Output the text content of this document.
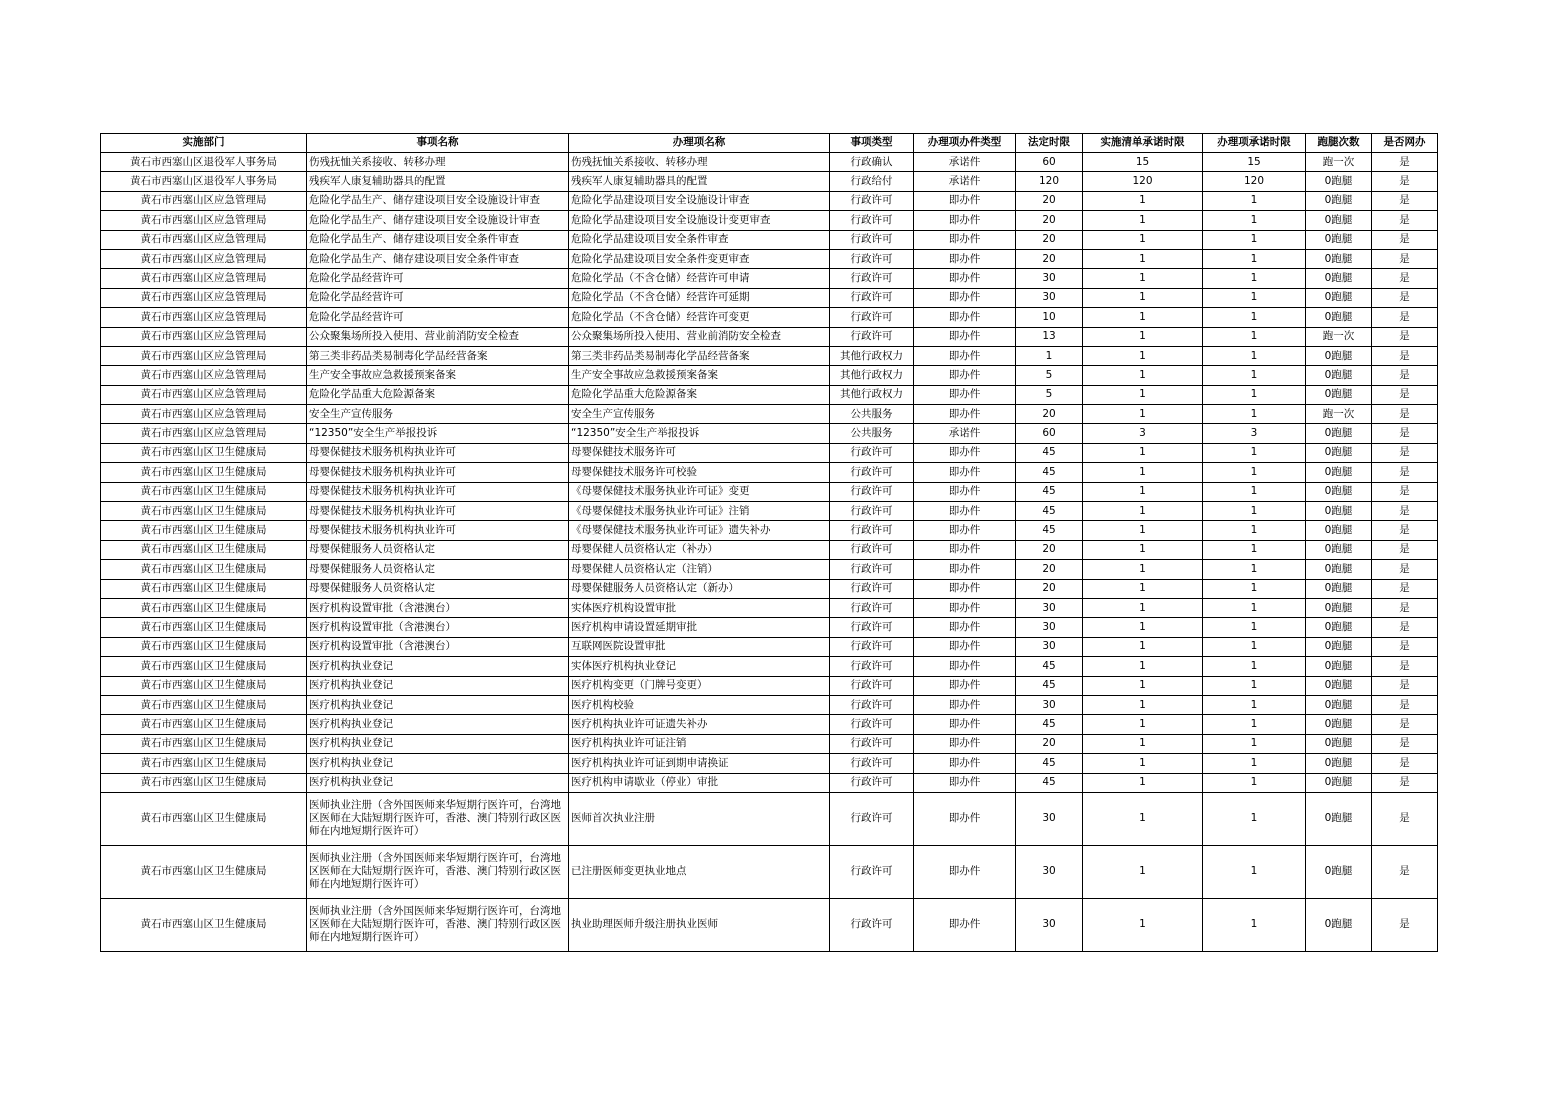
实施部门	事项名称	办理项名称	事项类型	办理项办件类型	法定时限	实施清单承诺时限	办理项承诺时限	跑腿次数	是否网办
黄石市西塞山区退役军人事务局	伤残抚恤关系接收、转移办理	伤残抚恤关系接收、转移办理	行政确认	承诺件	60	15	15	跑一次	是
黄石市西塞山区退役军人事务局	残疾军人康复辅助器具的配置	残疾军人康复辅助器具的配置	行政给付	承诺件	120	120	120	0跑腿	是
黄石市西塞山区应急管理局	危险化学品生产、储存建设项目安全设施设计审查	危险化学品建设项目安全设施设计审查	行政许可	即办件	20	1	1	0跑腿	是
黄石市西塞山区应急管理局	危险化学品生产、储存建设项目安全设施设计审查	危险化学品建设项目安全设施设计变更审查	行政许可	即办件	20	1	1	0跑腿	是
黄石市西塞山区应急管理局	危险化学品生产、储存建设项目安全条件审查	危险化学品建设项目安全条件审查	行政许可	即办件	20	1	1	0跑腿	是
黄石市西塞山区应急管理局	危险化学品生产、储存建设项目安全条件审查	危险化学品建设项目安全条件变更审查	行政许可	即办件	20	1	1	0跑腿	是
黄石市西塞山区应急管理局	危险化学品经营许可	危险化学品（不含仓储）经营许可申请	行政许可	即办件	30	1	1	0跑腿	是
黄石市西塞山区应急管理局	危险化学品经营许可	危险化学品（不含仓储）经营许可延期	行政许可	即办件	30	1	1	0跑腿	是
黄石市西塞山区应急管理局	危险化学品经营许可	危险化学品（不含仓储）经营许可变更	行政许可	即办件	10	1	1	0跑腿	是
黄石市西塞山区应急管理局	公众聚集场所投入使用、营业前消防安全检查	公众聚集场所投入使用、营业前消防安全检查	行政许可	即办件	13	1	1	跑一次	是
黄石市西塞山区应急管理局	第三类非药品类易制毒化学品经营备案	第三类非药品类易制毒化学品经营备案	其他行政权力	即办件	1	1	1	0跑腿	是
黄石市西塞山区应急管理局	生产安全事故应急救援预案备案	生产安全事故应急救援预案备案	其他行政权力	即办件	5	1	1	0跑腿	是
黄石市西塞山区应急管理局	危险化学品重大危险源备案	危险化学品重大危险源备案	其他行政权力	即办件	5	1	1	0跑腿	是
黄石市西塞山区应急管理局	安全生产宣传服务	安全生产宣传服务	公共服务	即办件	20	1	1	跑一次	是
黄石市西塞山区应急管理局	“12350”安全生产举报投诉	“12350”安全生产举报投诉	公共服务	承诺件	60	3	3	0跑腿	是
黄石市西塞山区卫生健康局	母婴保健技术服务机构执业许可	母婴保健技术服务许可	行政许可	即办件	45	1	1	0跑腿	是
黄石市西塞山区卫生健康局	母婴保健技术服务机构执业许可	母婴保健技术服务许可校验	行政许可	即办件	45	1	1	0跑腿	是
黄石市西塞山区卫生健康局	母婴保健技术服务机构执业许可	《母婴保健技术服务执业许可证》变更	行政许可	即办件	45	1	1	0跑腿	是
黄石市西塞山区卫生健康局	母婴保健技术服务机构执业许可	《母婴保健技术服务执业许可证》注销	行政许可	即办件	45	1	1	0跑腿	是
黄石市西塞山区卫生健康局	母婴保健技术服务机构执业许可	《母婴保健技术服务执业许可证》遗失补办	行政许可	即办件	45	1	1	0跑腿	是
黄石市西塞山区卫生健康局	母婴保健服务人员资格认定	母婴保健人员资格认定（补办）	行政许可	即办件	20	1	1	0跑腿	是
黄石市西塞山区卫生健康局	母婴保健服务人员资格认定	母婴保健人员资格认定（注销）	行政许可	即办件	20	1	1	0跑腿	是
黄石市西塞山区卫生健康局	母婴保健服务人员资格认定	母婴保健服务人员资格认定（新办）	行政许可	即办件	20	1	1	0跑腿	是
黄石市西塞山区卫生健康局	医疗机构设置审批（含港澳台）	实体医疗机构设置审批	行政许可	即办件	30	1	1	0跑腿	是
黄石市西塞山区卫生健康局	医疗机构设置审批（含港澳台）	医疗机构申请设置延期审批	行政许可	即办件	30	1	1	0跑腿	是
黄石市西塞山区卫生健康局	医疗机构设置审批（含港澳台）	互联网医院设置审批	行政许可	即办件	30	1	1	0跑腿	是
黄石市西塞山区卫生健康局	医疗机构执业登记	实体医疗机构执业登记	行政许可	即办件	45	1	1	0跑腿	是
黄石市西塞山区卫生健康局	医疗机构执业登记	医疗机构变更（门牌号变更）	行政许可	即办件	45	1	1	0跑腿	是
黄石市西塞山区卫生健康局	医疗机构执业登记	医疗机构校验	行政许可	即办件	30	1	1	0跑腿	是
黄石市西塞山区卫生健康局	医疗机构执业登记	医疗机构执业许可证遗失补办	行政许可	即办件	45	1	1	0跑腿	是
黄石市西塞山区卫生健康局	医疗机构执业登记	医疗机构执业许可证注销	行政许可	即办件	20	1	1	0跑腿	是
黄石市西塞山区卫生健康局	医疗机构执业登记	医疗机构执业许可证到期申请换证	行政许可	即办件	45	1	1	0跑腿	是
黄石市西塞山区卫生健康局	医疗机构执业登记	医疗机构申请歇业（停业）审批	行政许可	即办件	45	1	1	0跑腿	是
黄石市西塞山区卫生健康局	医师执业注册（含外国医师来华短期行医许可，台湾地区医师在大陆短期行医许可，香港、澳门特别行政区医师在内地短期行医许可）	医师首次执业注册	行政许可	即办件	30	1	1	0跑腿	是
黄石市西塞山区卫生健康局	医师执业注册（含外国医师来华短期行医许可，台湾地区医师在大陆短期行医许可，香港、澳门特别行政区医师在内地短期行医许可）	已注册医师变更执业地点	行政许可	即办件	30	1	1	0跑腿	是
黄石市西塞山区卫生健康局	医师执业注册（含外国医师来华短期行医许可，台湾地区医师在大陆短期行医许可，香港、澳门特别行政区医师在内地短期行医许可）	执业助理医师升级注册执业医师	行政许可	即办件	30	1	1	0跑腿	是
